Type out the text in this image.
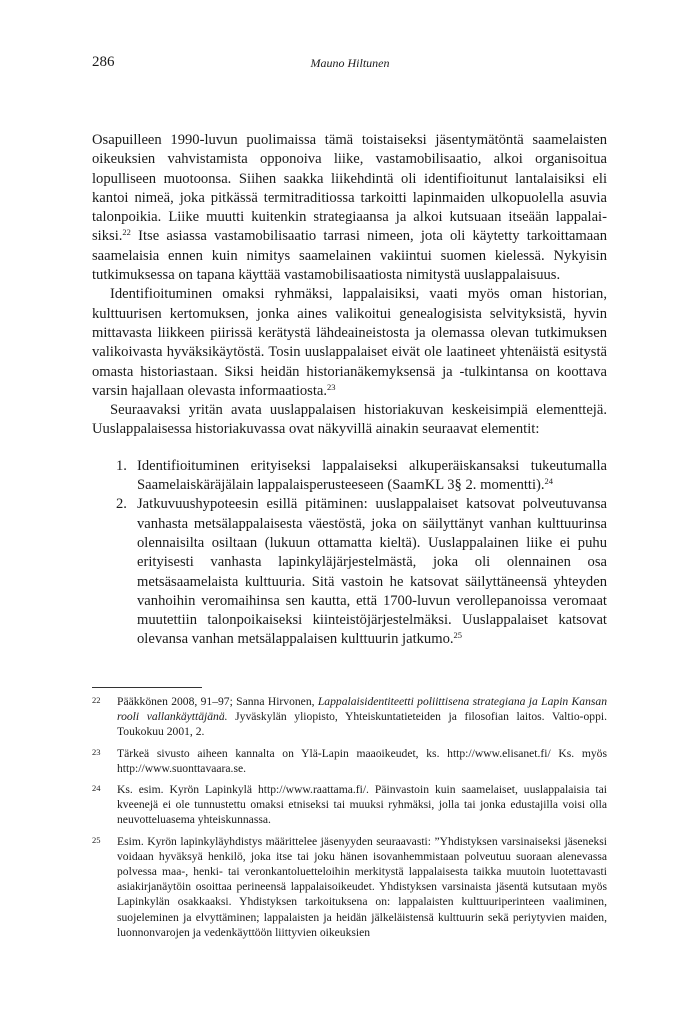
286	Mauno Hiltunen

Osapuilleen 1990-luvun puolimaissa tämä toistaiseksi jäsentymätöntä saamelaisten oikeuksien vahvistamista opponoiva liike, vastamobilisaatio, alkoi organisoitua lopulliseen muotoonsa. Siihen saakka liikehdintä oli identifioitunut lantalaisiksi eli kantoi nimeä, joka pitkässä termitraditiossa tarkoitti lapinmaiden ulkopuolella asuvia talonpoikia. Liike muutti kuitenkin strategiaansa ja alkoi kutsuaan itseään lappalaisiksi.$^{22}$ Itse asiassa vastamobilisaatio tarrasi nimeen, jota oli käytetty tarkoittamaan saamelaisia ennen kuin nimitys saamelainen vakiintui suomen kielessä. Nykyisin tutkimuksessa on tapana käyttää vastamobilisaatiosta nimitystä uuslappalaisuus.

Identifioituminen omaksi ryhmäksi, lappalaisiksi, vaati myös oman historian, kulttuurisen kertomuksen, jonka aines valikoitui genealogisista selvityksistä, hyvin mittavasta liikkeen piirissä kerätystä lähdeaineistosta ja olemassa olevan tutkimuksen valikoivasta hyväksikäytöstä. Tosin uuslappalaiset eivät ole laatineet yhtenäistä esitystä omasta historiastaan. Siksi heidän historianäkemyksensä ja -tulkintansa on koottava varsin hajallaan olevasta informaatiosta.$^{23}$

Seuraavaksi yritän avata uuslappalaisen historiakuvan keskeisimpiä elementtejä. Uuslappalaisessa historiakuvassa ovat näkyvillä ainakin seuraavat elementit:

1. Identifioituminen erityiseksi lappalaiseksi alkuperäiskansaksi tukeutumalla Saamelaiskäräjälain lappalaisperusteeseen (SaamKL 3§ 2. momentti).$^{24}$
2. Jatkuvuushypoteesin esillä pitäminen: uuslappalaiset katsovat polveutuvansa vanhasta metsälappalaisesta väestöstä, joka on säilyttänyt vanhan kulttuurinsa olennaisilta osiltaan (lukuun ottamatta kieltä). Uuslappalainen liike ei puhu erityisesti vanhasta lapinkyläjärjestelmästä, joka oli olennainen osa metsäsaamelaista kulttuuria. Sitä vastoin he katsovat säilyttäneensä yhteyden vanhoihin veromaihinsa sen kautta, että 1700-luvun verollepanoissa veromaat muutettiin talonpoikaiseksi kiinteistöjärjestelmäksi. Uuslappalaiset katsovat olevansa vanhan metsälappalaisen kulttuurin jatkumo.$^{25}$
22 Pääkkönen 2008, 91–97; Sanna Hirvonen, Lappalaisidentiteetti poliittisena strategiana ja Lapin Kansan rooli vallankäyttäjänä. Jyväskylän yliopisto, Yhteiskuntatieteiden ja filosofian laitos. Valtio-oppi. Toukokuu 2001, 2.
23 Tärkeä sivusto aiheen kannalta on Ylä-Lapin maaoikeudet, ks. http://www.elisanet.fi/ Ks. myös http://www.suonttavaara.se.
24 Ks. esim. Kyrön Lapinkylä http://www.raattama.fi/. Päinvastoin kuin saamelaiset, uuslappalaisia tai kveenejä ei ole tunnustettu omaksi etniseksi tai muuksi ryhmäksi, jolla tai jonka edustajilla voisi olla neuvotteluasema yhteiskunnassa.
25 Esim. Kyrön lapinkyläyhdistys määrittelee jäsenyyden seuraavasti: ”Yhdistyksen varsinaiseksi jäseneksi voidaan hyväksyä henkilö, joka itse tai joku hänen isovanhemmistaan polveutuu suoraan alenevassa polvessa maa-, henki- tai veronkantoluetteloihin merkitystä lappalaisesta taikka muutoin luotettavasti asiakirjanäytöin osoittaa perineensä lappalaisoikeudet. Yhdistyksen varsinaista jäsentä kutsutaan myös Lapinkylän osakkaaksi. Yhdistyksen tarkoituksena on: lappalaisten kulttuuriperinteen vaaliminen, suojeleminen ja elvyttäminen; lappalaisten ja heidän jälkeläistensä kulttuurin sekä periytyvien maiden, luonnonvarojen ja vedenkäyttöön liittyvien oikeuksien
